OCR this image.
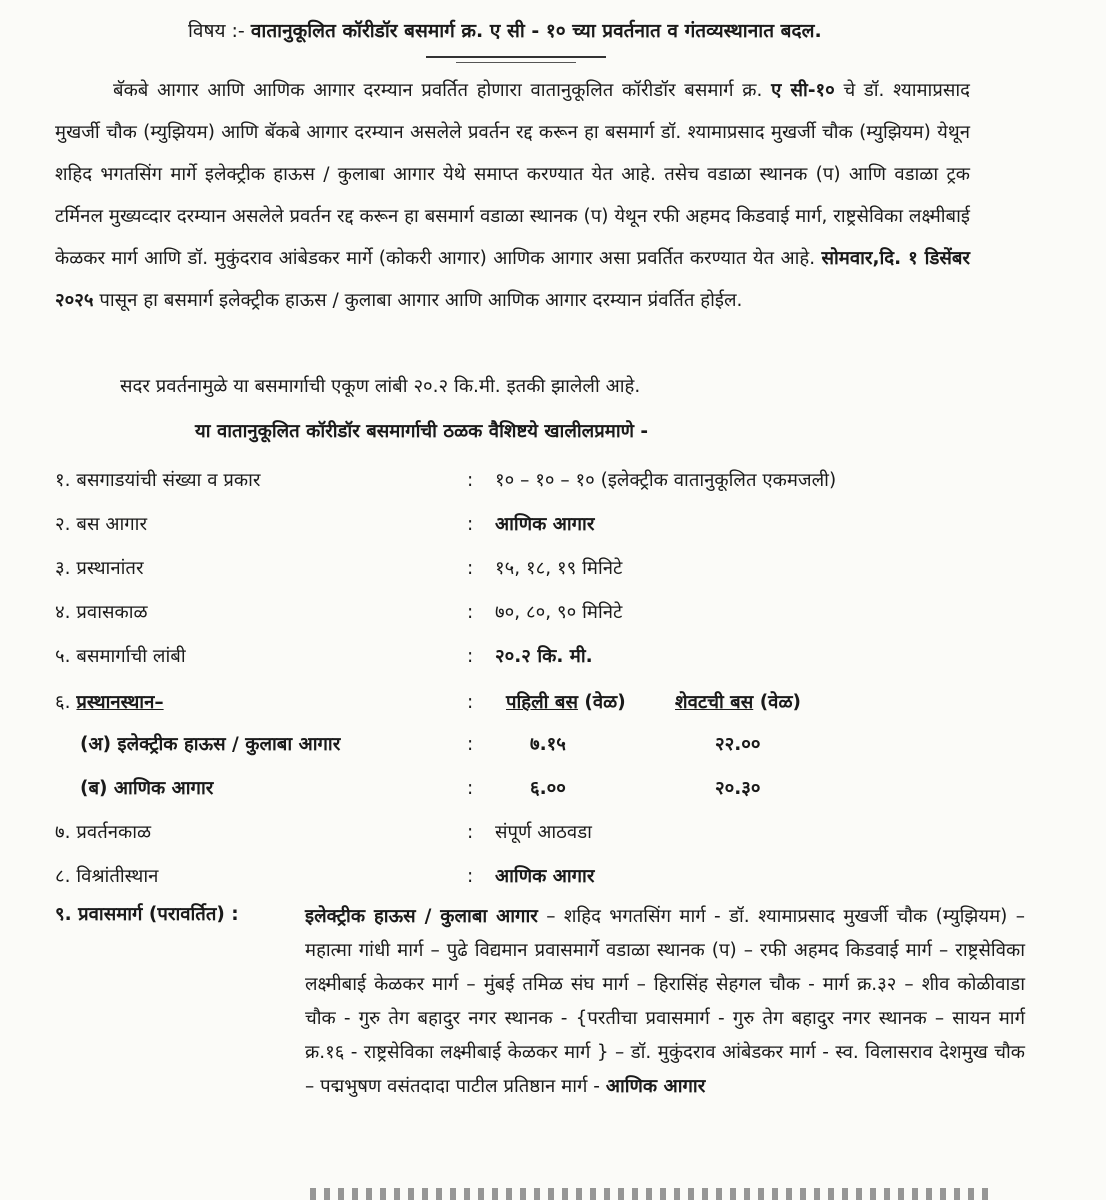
विषय :- वातानुकूलित कॉरीडॉर बसमार्ग क्र. ए सी - १० च्या प्रवर्तनात व गंतव्यस्थानात बदल.
बॅकबे आगार आणि आणिक आगार दरम्यान प्रवर्तित होणारा वातानुकूलित कॉरीडॉर बसमार्ग क्र. ए सी-१० चे डॉ. श्यामाप्रसाद मुखर्जी चौक (म्युझियम) आणि बॅकबे आगार दरम्यान असलेले प्रवर्तन रद्द करून हा बसमार्ग डॉ. श्यामाप्रसाद मुखर्जी चौक (म्युझियम) येथून शहिद भगतसिंग मार्गे इलेक्ट्रीक हाऊस / कुलाबा आगार येथे समाप्त करण्यात येत आहे. तसेच वडाळा स्थानक (प) आणि वडाळा ट्रक टर्मिनल मुख्यव्दार दरम्यान असलेले प्रवर्तन रद्द करून हा बसमार्ग वडाळा स्थानक (प) येथून रफी अहमद किडवाई मार्ग, राष्ट्रसेविका लक्ष्मीबाई केळकर मार्ग आणि डॉ. मुकुंदराव आंबेडकर मार्गे (कोकरी आगार) आणिक आगार असा प्रवर्तित करण्यात येत आहे. सोमवार,दि. १ डिसेंबर २०२५ पासून हा बसमार्ग इलेक्ट्रीक हाऊस / कुलाबा आगार आणि आणिक आगार दरम्यान प्रंवर्तित होईल.
सदर प्रवर्तनामुळे या बसमार्गाची एकूण लांबी २०.२ कि.मी. इतकी झालेली आहे.
या वातानुकूलित कॉरीडॉर बसमार्गाची ठळक वैशिष्टये खालीलप्रमाणे -
१. बसगाडयांची संख्या व प्रकार	: १० – १० – १० (इलेक्ट्रीक वातानुकूलित एकमजली)
२. बस आगार	: आणिक आगार
३. प्रस्थानांतर	: १५, १८, १९ मिनिटे
४. प्रवासकाळ	: ७०, ८०, ९० मिनिटे
५. बसमार्गाची लांबी	: २०.२ कि. मी.
६. प्रस्थानस्थान–	: पहिली बस (वेळ)	शेवटची बस (वेळ)
(अ) इलेक्ट्रीक हाऊस / कुलाबा आगार	:	७.१५	२२.००
(ब) आणिक आगार	:	६.००	२०.३०
७. प्रवर्तनकाळ	: संपूर्ण आठवडा
८. विश्रांतीस्थान	: आणिक आगार
९. प्रवासमार्ग (परावर्तित) :	इलेक्ट्रीक हाऊस / कुलाबा आगार – शहिद भगतसिंग मार्ग - डॉ. श्यामाप्रसाद मुखर्जी चौक (म्युझियम) – महात्मा गांधी मार्ग – पुढे विद्यमान प्रवासमार्गे वडाळा स्थानक (प) – रफी अहमद किडवाई मार्ग – राष्ट्रसेविका लक्ष्मीबाई केळकर मार्ग – मुंबई तमिळ संघ मार्ग – हिरासिंह सेहगल चौक - मार्ग क्र.३२ – शीव कोळीवाडा चौक - गुरु तेग बहादुर नगर स्थानक - {परतीचा प्रवासमार्ग - गुरु तेग बहादुर नगर स्थानक – सायन मार्ग क्र.१६ - राष्ट्रसेविका लक्ष्मीबाई केळकर मार्ग } – डॉ. मुकुंदराव आंबेडकर मार्ग - स्व. विलासराव देशमुख चौक – पद्मभुषण वसंतदादा पाटील प्रतिष्ठान मार्ग - आणिक आगार
